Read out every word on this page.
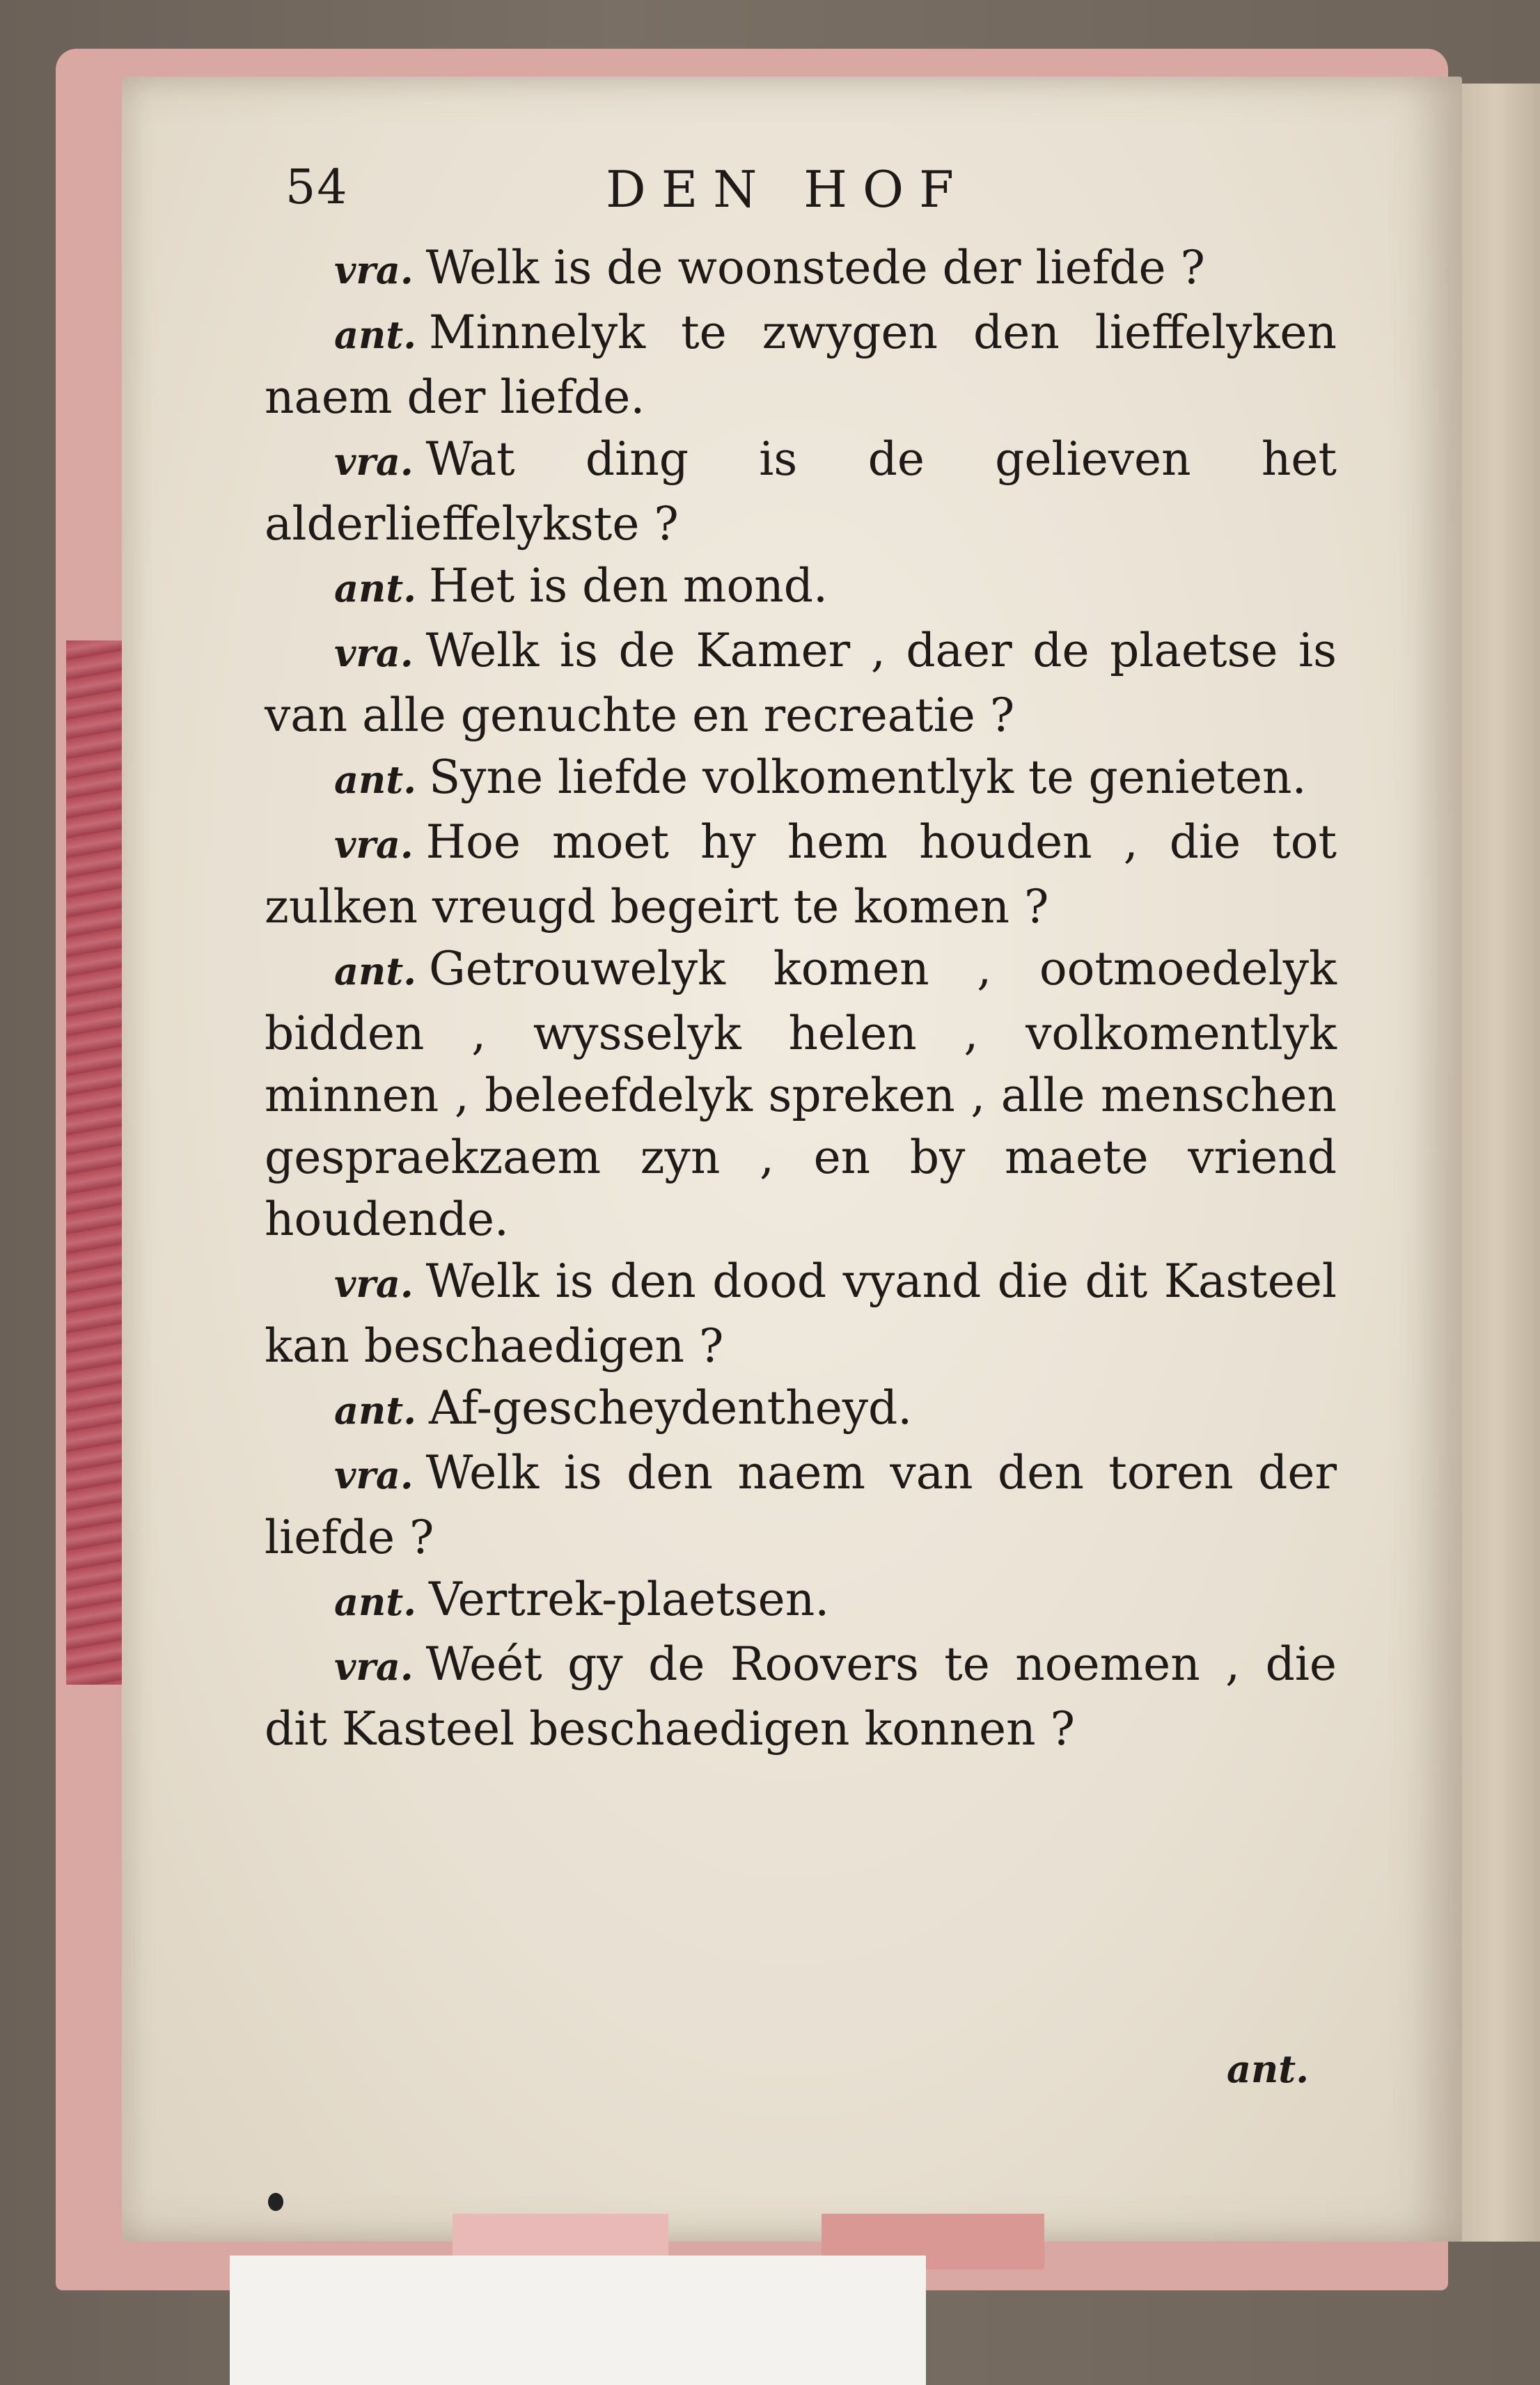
54	DEN HOF

vra. Welk is de woonstede der liefde ?

ant. Minnelyk te zwygen den lieffelyken naem der liefde.

vra. Wat ding is de gelieven het alderlieffelykste ?

ant. Het is den mond.

vra. Welk is de Kamer , daer de plaetse is van alle genuchte en recreatie ?

ant. Syne liefde volkomentlyk te genieten.

vra. Hoe moet hy hem houden , die tot zulken vreugd begeirt te komen ?

ant. Getrouwelyk komen , ootmoedelyk bidden , wysselyk helen , volkomentlyk minnen , beleefdelyk spreken , alle menschen gespraekzaem zyn , en by maete vriend houdende.

vra. Welk is den dood vyand die dit Kasteel kan beschaedigen ?

ant. Af-gescheydentheyd.

vra. Welk is den naem van den toren der liefde ?

ant. Vertrek-plaetsen.

vra. Weét gy de Roovers te noemen , die dit Kasteel beschaedigen konnen ?

ant.
